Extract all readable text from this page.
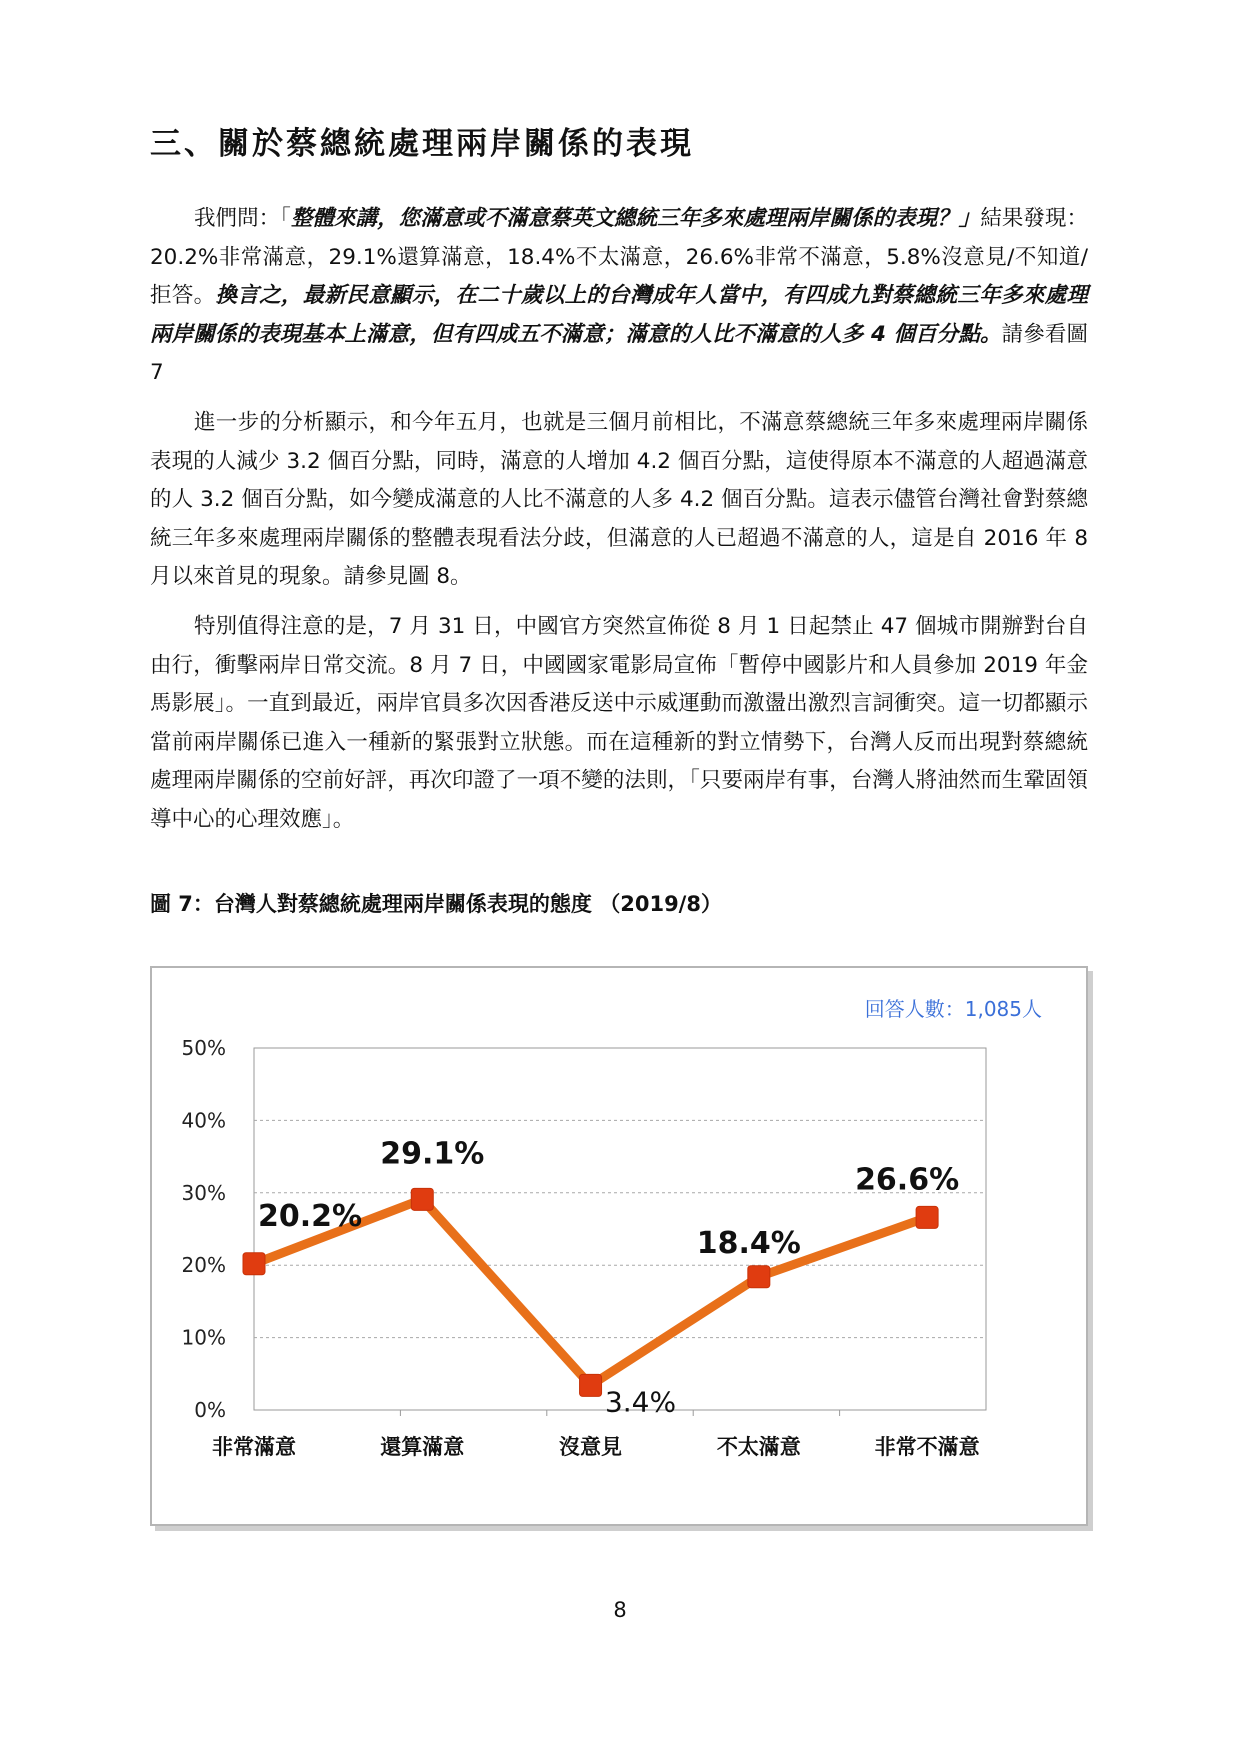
三、關於蔡總統處理兩岸關係的表現

我們問：「整體來講，您滿意或不滿意蔡英文總統三年多來處理兩岸關係的表現？」結果發現：20.2%非常滿意，29.1%還算滿意，18.4%不太滿意，26.6%非常不滿意，5.8%沒意見/不知道/拒答。換言之，最新民意顯示，在二十歲以上的台灣成年人當中，有四成九對蔡總統三年多來處理兩岸關係的表現基本上滿意，但有四成五不滿意；滿意的人比不滿意的人多 4 個百分點。請參看圖 7

進一步的分析顯示，和今年五月，也就是三個月前相比，不滿意蔡總統三年多來處理兩岸關係表現的人減少 3.2 個百分點，同時，滿意的人增加 4.2 個百分點，這使得原本不滿意的人超過滿意的人 3.2 個百分點，如今變成滿意的人比不滿意的人多 4.2 個百分點。這表示儘管台灣社會對蔡總統三年多來處理兩岸關係的整體表現看法分歧，但滿意的人已超過不滿意的人，這是自 2016 年 8 月以來首見的現象。請參見圖 8。

特別值得注意的是，7 月 31 日，中國官方突然宣佈從 8 月 1 日起禁止 47 個城市開辦對台自由行，衝擊兩岸日常交流。8 月 7 日，中國國家電影局宣佈「暫停中國影片和人員參加 2019 年金馬影展」。一直到最近，兩岸官員多次因香港反送中示威運動而激盪出激烈言詞衝突。這一切都顯示當前兩岸關係已進入一種新的緊張對立狀態。而在這種新的對立情勢下，台灣人反而出現對蔡總統處理兩岸關係的空前好評，再次印證了一項不變的法則，「只要兩岸有事，台灣人將油然而生鞏固領導中心的心理效應」。

圖 7：台灣人對蔡總統處理兩岸關係表現的態度 （2019/8）

0%
10%
20%
30%
40%
50%
20.2%
29.1%
3.4%
18.4%
26.6%
非常滿意	還算滿意	沒意見	不太滿意	非常不滿意
回答人數：1,085人
8
